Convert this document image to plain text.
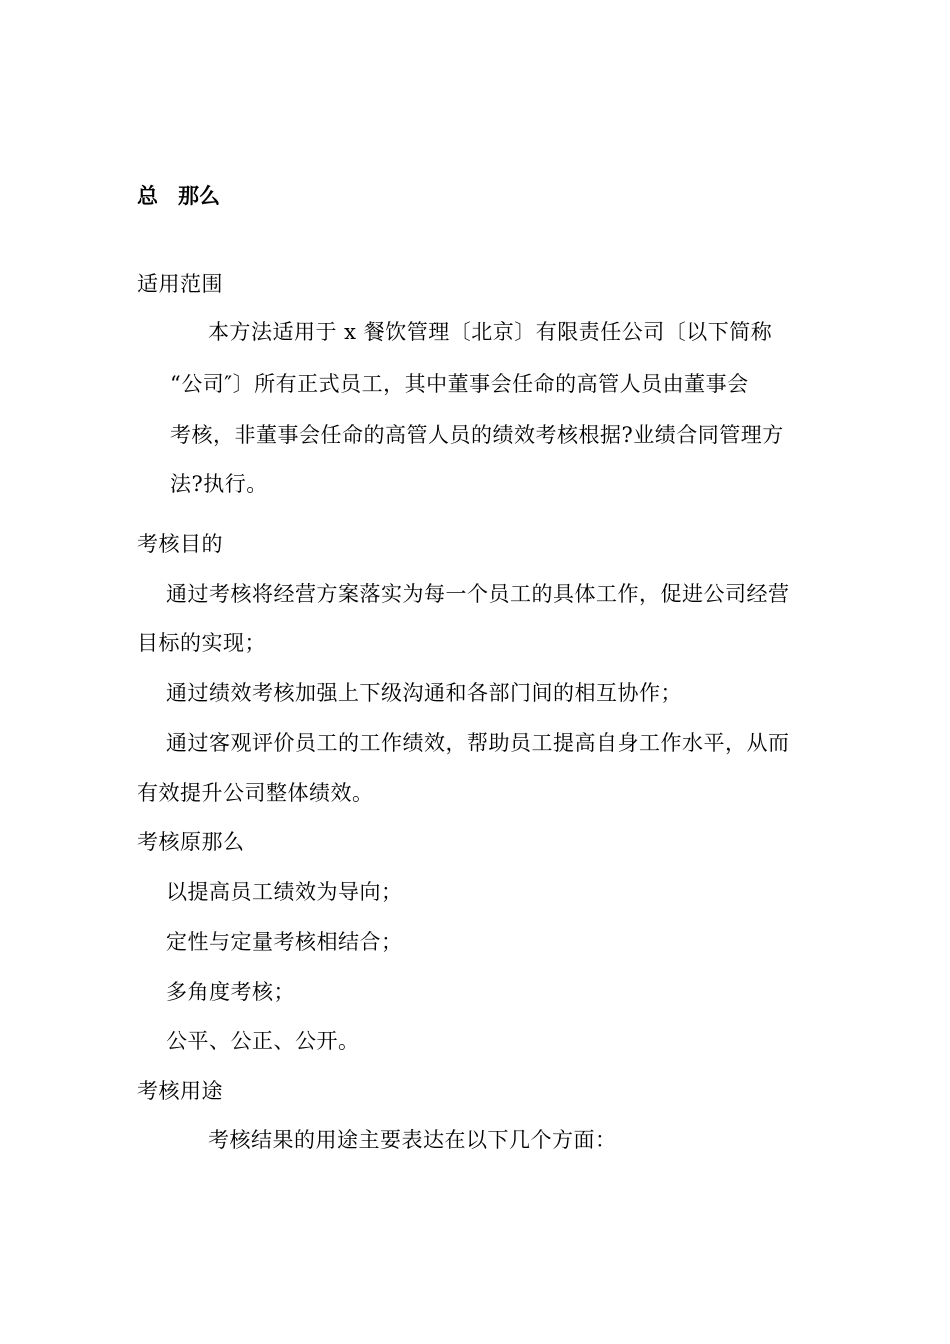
总 那么
适用范围
本方法适用于 x 餐饮管理〔北京〕有限责任公司〔以下简称
“公司″〕所有正式员工，其中董事会任命的高管人员由董事会
考核，非董事会任命的高管人员的绩效考核根据?业绩合同管理方
法?执行。
考核目的
通过考核将经营方案落实为每一个员工的具体工作，促进公司经营
目标的实现；
通过绩效考核加强上下级沟通和各部门间的相互协作；
通过客观评价员工的工作绩效，帮助员工提高自身工作水平，从而
有效提升公司整体绩效。
考核原那么
以提高员工绩效为导向；
定性与定量考核相结合；
多角度考核；
公平、公正、公开。
考核用途
考核结果的用途主要表达在以下几个方面：
